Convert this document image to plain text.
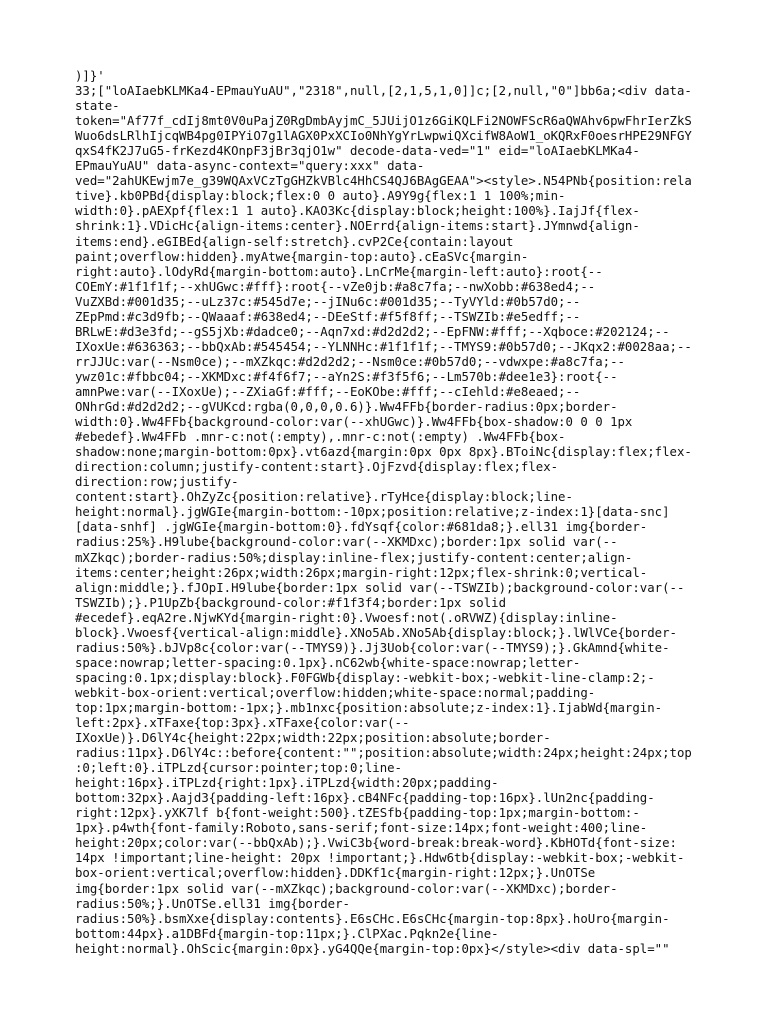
)]}'
33;["loAIaebKLMKa4-EPmauYuAU","2318",null,[2,1,5,1,0]]c;[2,null,"0"]bb6a;<div data-
state-
token="Af77f_cdIj8mt0V0uPajZ0RgDmbAyjmC_5JUijO1z6GiKQLFi2NOWFScR6aQWAhv6pwFhrIerZkS
Wuo6dsLRlhIjcqWB4pg0IPYiO7g1lAGX0PxXCIo0NhYgYrLwpwiQXcifW8AoW1_oKQRxF0oesrHPE29NFGY
qxS4fK2J7uG5-frKezd4KOnpF3jBr3qjO1w" decode-data-ved="1" eid="loAIaebKLMKa4-
EPmauYuAU" data-async-context="query:xxx" data-
ved="2ahUKEwjm7e_g39WQAxVCzTgGHZkVBlc4HhCS4QJ6BAgGEAA"><style>.N54PNb{position:rela
tive}.kb0PBd{display:block;flex:0 0 auto}.A9Y9g{flex:1 1 100%;min-
width:0}.pAEXpf{flex:1 1 auto}.KAO3Kc{display:block;height:100%}.IajJf{flex-
shrink:1}.VDicHc{align-items:center}.NOErrd{align-items:start}.JYmnwd{align-
items:end}.eGIBEd{align-self:stretch}.cvP2Ce{contain:layout
paint;overflow:hidden}.myAtwe{margin-top:auto}.cEaSVc{margin-
right:auto}.lOdyRd{margin-bottom:auto}.LnCrMe{margin-left:auto}:root{--
COEmY:#1f1f1f;--xhUGwc:#fff}:root{--vZe0jb:#a8c7fa;--nwXobb:#638ed4;--
VuZXBd:#001d35;--uLz37c:#545d7e;--jINu6c:#001d35;--TyVYld:#0b57d0;--
ZEpPmd:#c3d9fb;--QWaaaf:#638ed4;--DEeStf:#f5f8ff;--TSWZIb:#e5edff;--
BRLwE:#d3e3fd;--gS5jXb:#dadce0;--Aqn7xd:#d2d2d2;--EpFNW:#fff;--Xqboce:#202124;--
IXoxUe:#636363;--bbQxAb:#545454;--YLNNHc:#1f1f1f;--TMYS9:#0b57d0;--JKqx2:#0028aa;--
rrJJUc:var(--Nsm0ce);--mXZkqc:#d2d2d2;--Nsm0ce:#0b57d0;--vdwxpe:#a8c7fa;--
ywz01c:#fbbc04;--XKMDxc:#f4f6f7;--aYn2S:#f3f5f6;--Lm570b:#dee1e3}:root{--
amnPwe:var(--IXoxUe);--ZXiaGf:#fff;--EoKObe:#fff;--cIehld:#e8eaed;--
ONhrGd:#d2d2d2;--gVUKcd:rgba(0,0,0,0.6)}.Ww4FFb{border-radius:0px;border-
width:0}.Ww4FFb{background-color:var(--xhUGwc)}.Ww4FFb{box-shadow:0 0 0 1px
#ebedef}.Ww4FFb .mnr-c:not(:empty),.mnr-c:not(:empty) .Ww4FFb{box-
shadow:none;margin-bottom:0px}.vt6azd{margin:0px 0px 8px}.BToiNc{display:flex;flex-
direction:column;justify-content:start}.OjFzvd{display:flex;flex-
direction:row;justify-
content:start}.OhZyZc{position:relative}.rTyHce{display:block;line-
height:normal}.jgWGIe{margin-bottom:-10px;position:relative;z-index:1}[data-snc]
[data-snhf] .jgWGIe{margin-bottom:0}.fdYsqf{color:#681da8;}.ell31 img{border-
radius:25%}.H9lube{background-color:var(--XKMDxc);border:1px solid var(--
mXZkqc);border-radius:50%;display:inline-flex;justify-content:center;align-
items:center;height:26px;width:26px;margin-right:12px;flex-shrink:0;vertical-
align:middle;}.fJOpI.H9lube{border:1px solid var(--TSWZIb);background-color:var(--
TSWZIb);}.P1UpZb{background-color:#f1f3f4;border:1px solid
#ecedef}.eqA2re.NjwKYd{margin-right:0}.Vwoesf:not(.oRVWZ){display:inline-
block}.Vwoesf{vertical-align:middle}.XNo5Ab.XNo5Ab{display:block;}.lWlVCe{border-
radius:50%}.bJVp8c{color:var(--TMYS9)}.Jj3Uob{color:var(--TMYS9);}.GkAmnd{white-
space:nowrap;letter-spacing:0.1px}.nC62wb{white-space:nowrap;letter-
spacing:0.1px;display:block}.F0FGWb{display:-webkit-box;-webkit-line-clamp:2;-
webkit-box-orient:vertical;overflow:hidden;white-space:normal;padding-
top:1px;margin-bottom:-1px;}.mb1nxc{position:absolute;z-index:1}.IjabWd{margin-
left:2px}.xTFaxe{top:3px}.xTFaxe{color:var(--
IXoxUe)}.D6lY4c{height:22px;width:22px;position:absolute;border-
radius:11px}.D6lY4c::before{content:"";position:absolute;width:24px;height:24px;top
:0;left:0}.iTPLzd{cursor:pointer;top:0;line-
height:16px}.iTPLzd{right:1px}.iTPLzd{width:20px;padding-
bottom:32px}.Aajd3{padding-left:16px}.cB4NFc{padding-top:16px}.lUn2nc{padding-
right:12px}.yXK7lf b{font-weight:500}.tZESfb{padding-top:1px;margin-bottom:-
1px}.p4wth{font-family:Roboto,sans-serif;font-size:14px;font-weight:400;line-
height:20px;color:var(--bbQxAb);}.VwiC3b{word-break:break-word}.KbHOTd{font-size:
14px !important;line-height: 20px !important;}.Hdw6tb{display:-webkit-box;-webkit-
box-orient:vertical;overflow:hidden}.DDKf1c{margin-right:12px;}.UnOTSe
img{border:1px solid var(--mXZkqc);background-color:var(--XKMDxc);border-
radius:50%;}.UnOTSe.ell31 img{border-
radius:50%}.bsmXxe{display:contents}.E6sCHc.E6sCHc{margin-top:8px}.hoUro{margin-
bottom:44px}.a1DBFd{margin-top:11px;}.ClPXac.Pqkn2e{line-
height:normal}.OhScic{margin:0px}.yG4QQe{margin-top:0px}</style><div data-spl=""
